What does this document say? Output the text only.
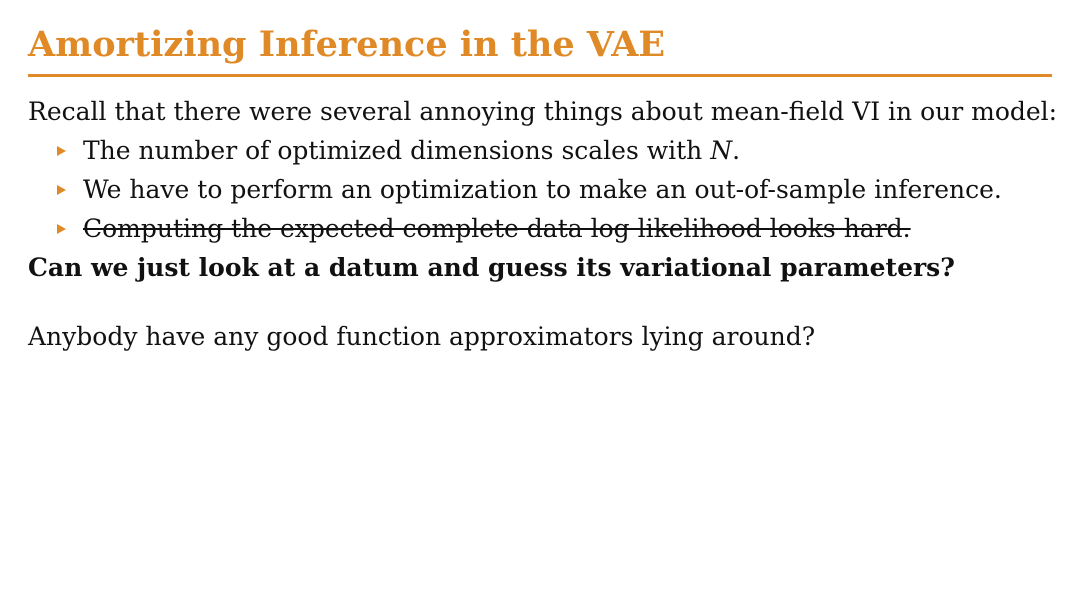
Amortizing Inference in the VAE
Recall that there were several annoying things about mean-field VI in our model:
The number of optimized dimensions scales with N.
We have to perform an optimization to make an out-of-sample inference.
Computing the expected complete data log likelihood looks hard.
Can we just look at a datum and guess its variational parameters?
Anybody have any good function approximators lying around?
